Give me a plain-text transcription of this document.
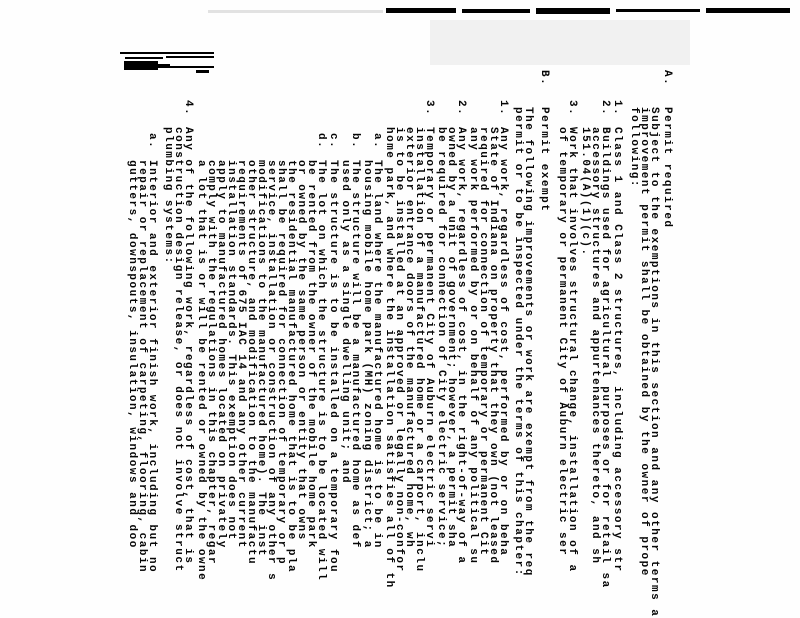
A.
Permit required
Subject to the exemptions in this section and any other terms a
improvement permit shall be obtained by the owner of prope
following:
1.
Class 1 and Class 2 structures, including accessory str
2.
Buildings used for agricultural purposes or for retail sa
accessory structures and appurtenances thereto, and sh
151.04(A)(1)(c).
3.
Work that involves structural change, installation of a
of temporary or permanent City of Auburn electric ser
B.
Permit exempt
The following improvements or work are exempt from the req
permit or to be inspected under the terms of this chapter:
1.
Any work, regardless of cost, performed by or on beha
State of Indiana on property that they own (not leased
required for connection of temporary or permanent Cit
any work performed by or on behalf of any political su
2.
Any work, regardless of cost, in the right-of-way of a
owned by a unit of government; however, a permit sha
be required for connection of City electric service;
3.
Temporary or permanent City of Auburn electric servi
installation of a manufactured home or a carport, inclu
exterior entrance doors of the manufactured home, wh
is to be installed at an approved or legally non-confor
home park, and where the installation satisfies all of th
a.
The land where the manufactured home is to be in
housing mobile home park (MH) zoning district; a
b.
The structure will be a manufactured home as def
used only as a single dwelling unit; and
c.
The structure is to be installed on a temporary fou
d.
The lot on which the structure is to be located will
be rented from the owner of the mobile home park
or owned by the same person or entity that owns
the residential manufactured home that is to be pla
shall be required for connection of temporary or p
service, installation or construction of any other s
modifications to the manufactured home). The inst
other structure, and modification to the manufactu
requirements of 675 IAC 14 and any other current
installation standards. This exemption does not
apply to manufactured homes located on privately
comply with the regulations in this chapter, regar
a lot that is or will be rented or owned by the owne
4.
Any of the following work, regardless of cost, that is
construction design release, or does not involve struct
plumbing systems:
a.
Interior and exterior finish work, including but no
repair or replacement of carpeting, flooring, cabin
gutters, downspouts, insulation, windows and doo
